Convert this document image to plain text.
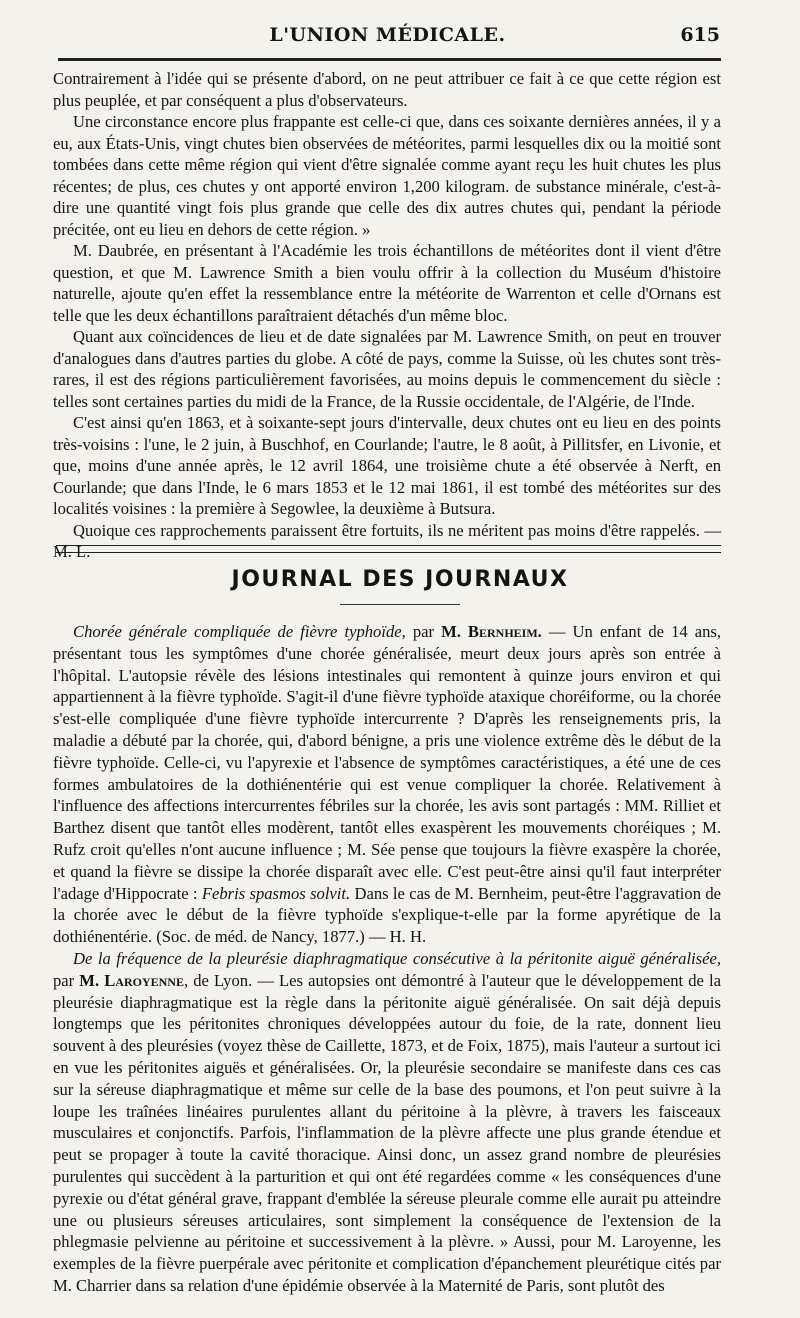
L'UNION MÉDICALE.	615

Contrairement à l'idée qui se présente d'abord, on ne peut attribuer ce fait à ce que cette région est plus peuplée, et par conséquent a plus d'observateurs.

Une circonstance encore plus frappante est celle-ci que, dans ces soixante dernières années, il y a eu, aux États-Unis, vingt chutes bien observées de météorites, parmi lesquelles dix ou la moitié sont tombées dans cette même région qui vient d'être signalée comme ayant reçu les huit chutes les plus récentes; de plus, ces chutes y ont apporté environ 1,200 kilogram. de substance minérale, c'est-à-dire une quantité vingt fois plus grande que celle des dix autres chutes qui, pendant la période précitée, ont eu lieu en dehors de cette région. »

M. Daubrée, en présentant à l'Académie les trois échantillons de météorites dont il vient d'être question, et que M. Lawrence Smith a bien voulu offrir à la collection du Muséum d'histoire naturelle, ajoute qu'en effet la ressemblance entre la météorite de Warrenton et celle d'Ornans est telle que les deux échantillons paraîtraient détachés d'un même bloc.

Quant aux coïncidences de lieu et de date signalées par M. Lawrence Smith, on peut en trouver d'analogues dans d'autres parties du globe. A côté de pays, comme la Suisse, où les chutes sont très-rares, il est des régions particulièrement favorisées, au moins depuis le commencement du siècle : telles sont certaines parties du midi de la France, de la Russie occidentale, de l'Algérie, de l'Inde.

C'est ainsi qu'en 1863, et à soixante-sept jours d'intervalle, deux chutes ont eu lieu en des points très-voisins : l'une, le 2 juin, à Buschhof, en Courlande; l'autre, le 8 août, à Pillitsfer, en Livonie, et que, moins d'une année après, le 12 avril 1864, une troisième chute a été observée à Nerft, en Courlande; que dans l'Inde, le 6 mars 1853 et le 12 mai 1861, il est tombé des météorites sur des localités voisines : la première à Segowlee, la deuxième à Butsura.

Quoique ces rapprochements paraissent être fortuits, ils ne méritent pas moins d'être rappelés. — M. L.

JOURNAL DES JOURNAUX

Chorée générale compliquée de fièvre typhoïde, par M. Bernheim. — Un enfant de 14 ans, présentant tous les symptômes d'une chorée généralisée, meurt deux jours après son entrée à l'hôpital. L'autopsie révèle des lésions intestinales qui remontent à quinze jours environ et qui appartiennent à la fièvre typhoïde. S'agit-il d'une fièvre typhoïde ataxique choréiforme, ou la chorée s'est-elle compliquée d'une fièvre typhoïde intercurrente ? D'après les renseignements pris, la maladie a débuté par la chorée, qui, d'abord bénigne, a pris une violence extrême dès le début de la fièvre typhoïde. Celle-ci, vu l'apyrexie et l'absence de symptômes caractéristiques, a été une de ces formes ambulatoires de la dothiénentérie qui est venue compliquer la chorée. Relativement à l'influence des affections intercurrentes fébriles sur la chorée, les avis sont partagés : MM. Rilliet et Barthez disent que tantôt elles modèrent, tantôt elles exaspèrent les mouvements choréiques ; M. Rufz croit qu'elles n'ont aucune influence ; M. Sée pense que toujours la fièvre exaspère la chorée, et quand la fièvre se dissipe la chorée disparaît avec elle. C'est peut-être ainsi qu'il faut interpréter l'adage d'Hippocrate : Febris spasmos solvit. Dans le cas de M. Bernheim, peut-être l'aggravation de la chorée avec le début de la fièvre typhoïde s'explique-t-elle par la forme apyrétique de la dothiénentérie. (Soc. de méd. de Nancy, 1877.) — H. H.

De la fréquence de la pleurésie diaphragmatique consécutive à la péritonite aiguë généralisée, par M. Laroyenne, de Lyon. — Les autopsies ont démontré à l'auteur que le développement de la pleurésie diaphragmatique est la règle dans la péritonite aiguë généralisée. On sait déjà depuis longtemps que les péritonites chroniques développées autour du foie, de la rate, donnent lieu souvent à des pleurésies (voyez thèse de Caillette, 1873, et de Foix, 1875), mais l'auteur a surtout ici en vue les péritonites aiguës et généralisées. Or, la pleurésie secondaire se manifeste dans ces cas sur la séreuse diaphragmatique et même sur celle de la base des poumons, et l'on peut suivre à la loupe les traînées linéaires purulentes allant du péritoine à la plèvre, à travers les faisceaux musculaires et conjonctifs. Parfois, l'inflammation de la plèvre affecte une plus grande étendue et peut se propager à toute la cavité thoracique. Ainsi donc, un assez grand nombre de pleurésies purulentes qui succèdent à la parturition et qui ont été regardées comme « les conséquences d'une pyrexie ou d'état général grave, frappant d'emblée la séreuse pleurale comme elle aurait pu atteindre une ou plusieurs séreuses articulaires, sont simplement la conséquence de l'extension de la phlegmasie pelvienne au péritoine et successivement à la plèvre. » Aussi, pour M. Laroyenne, les exemples de la fièvre puerpérale avec péritonite et complication d'épanchement pleurétique cités par M. Charrier dans sa relation d'une épidémie observée à la Maternité de Paris, sont plutôt des
